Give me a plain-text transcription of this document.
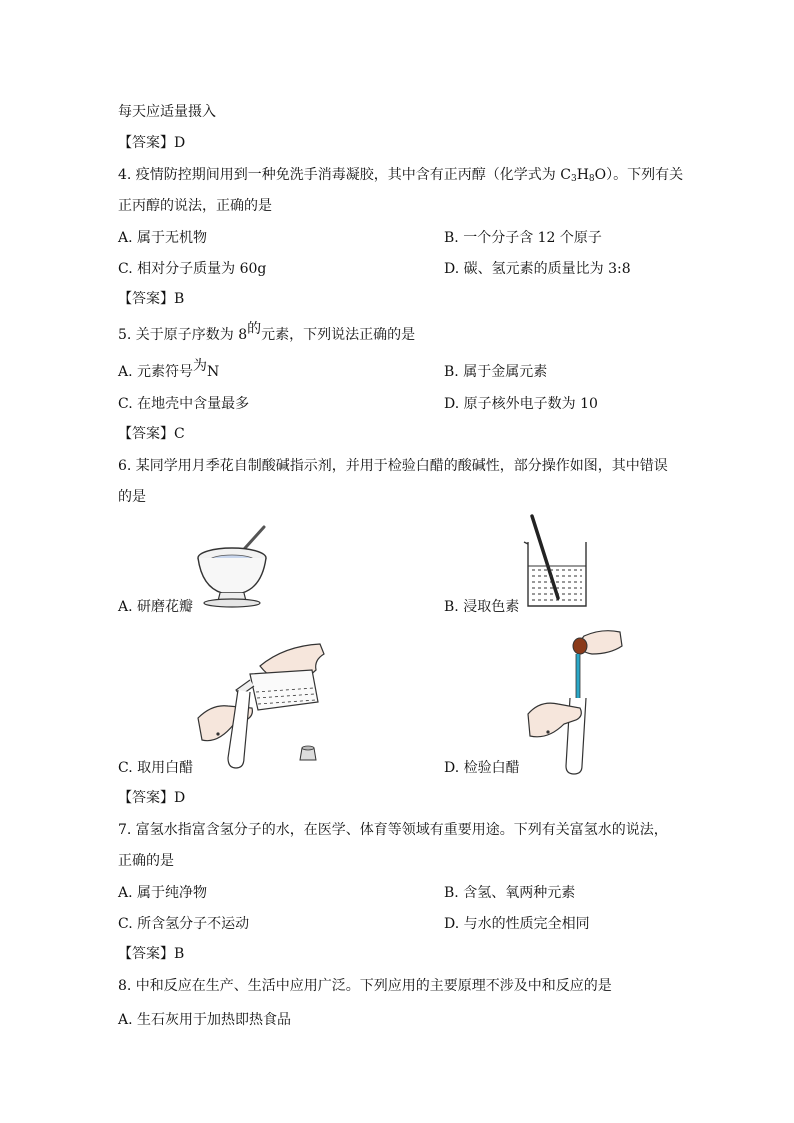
每天应适量摄入
【答案】D
4. 疫情防控期间用到一种免洗手消毒凝胶，其中含有正丙醇（化学式为 $C_3H_8O$）。下列有关
正丙醇的说法，正确的是
A. 属于无机物	B. 一个分子含 12 个原子
C. 相对分子质量为 60g	D. 碳、氢元素的质量比为 3:8
【答案】B
5. 关于原子序数为 8的元素，下列说法正确的是
A. 元素符号为N	B. 属于金属元素
C. 在地壳中含量最多	D. 原子核外电子数为 10
【答案】C
6. 某同学用月季花自制酸碱指示剂，并用于检验白醋的酸碱性，部分操作如图，其中错误
的是
A. 研磨花瓣	B. 浸取色素
C. 取用白醋	D. 检验白醋
【答案】D
7. 富氢水指富含氢分子的水，在医学、体育等领域有重要用途。下列有关富氢水的说法，
正确的是
A. 属于纯净物	B. 含氢、氧两种元素
C. 所含氢分子不运动	D. 与水的性质完全相同
【答案】B
8. 中和反应在生产、生活中应用广泛。下列应用的主要原理不涉及中和反应的是
A. 生石灰用于加热即热食品
